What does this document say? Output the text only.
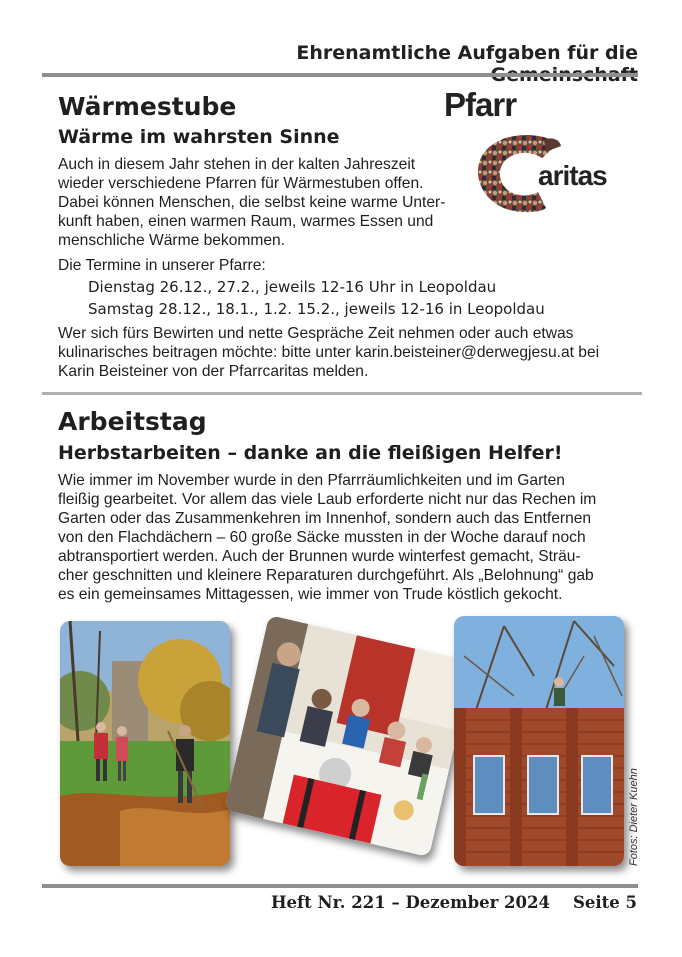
Ehrenamtliche Aufgaben für die
Wärmestube
Wärme im wahrsten Sinne

Auch in diesem Jahr stehen in der kalten Jahreszeit

wieder verschiedene Pfarren für Wärmestuben offen.

Dabei können Menschen, die selbst keine warme Unter-

kunft haben, einen warmen Raum, warmes Essen und

menschliche Wärme bekommen.

Die Termine in unserer Pfarre:

Dienstag 26.12., 27.2., jeweils 12-16 Uhr in Leopoldau
Samstag 28.12., 18.1., 1.2. 15.2., jeweils 12-16 in Leopoldau

Wer sich fürs Bewirten und nette Gespräche Zeit nehmen oder auch etwas

kulinarisches beitragen möchte: bitte unter karin.beisteiner@derwegjesu.at bei

Karin Beisteiner von der Pfarrcaritas melden.

Pfarr
aritas
Arbeitstag
Herbstarbeiten – danke an die fleißigen Helfer!

Wie immer im November wurde in den Pfarrräumlichkeiten und im Garten

fleißig gearbeitet. Vor allem das viele Laub erforderte nicht nur das Rechen im

Garten oder das Zusammenkehren im Innenhof, sondern auch das Entfernen

von den Flachdächern – 60 große Säcke mussten in der Woche darauf noch

abtransportiert werden. Auch der Brunnen wurde winterfest gemacht, Sträu-

cher geschnitten und kleinere Reparaturen durchgeführt. Als „Belohnung“ gab

es ein gemeinsames Mittagessen, wie immer von Trude köstlich gekocht.

Fotos: Dieter Kuehn
Heft Nr. 221 – Dezember 2024 Seite 5
